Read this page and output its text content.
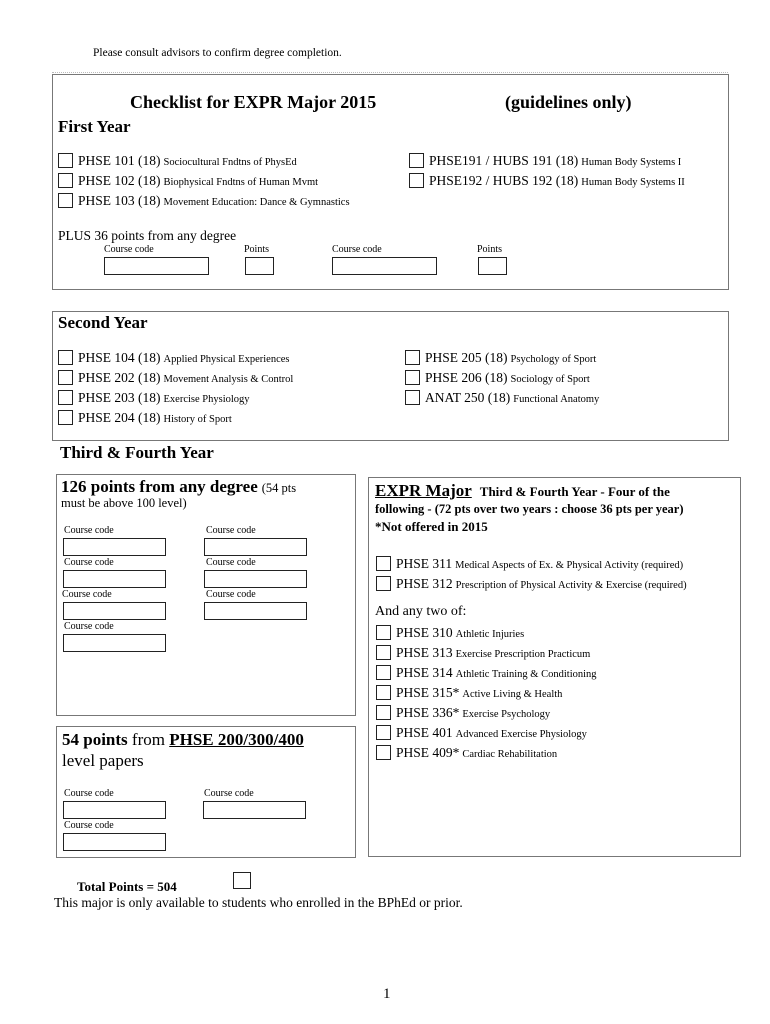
Please consult advisors to confirm degree completion.
Checklist for EXPR Major 2015	(guidelines only)
First Year
PHSE 101 (18) Sociocultural Fndtns of PhysEd
PHSE 102 (18) Biophysical Fndtns of Human Mvmt
PHSE 103 (18) Movement Education: Dance & Gymnastics
PHSE191 / HUBS 191 (18) Human Body Systems I
PHSE192 / HUBS 192 (18) Human Body Systems II
PLUS 36 points from any degree
Course code	Points	Course code	Points
Second Year
PHSE 104 (18) Applied Physical Experiences
PHSE 202 (18) Movement Analysis & Control
PHSE 203 (18) Exercise Physiology
PHSE 204 (18) History of Sport
PHSE 205 (18) Psychology of Sport
PHSE 206 (18) Sociology of Sport
ANAT 250 (18) Functional Anatomy
Third & Fourth Year
126 points from any degree (54 pts
must be above 100 level)
Course code	Course code
Course code	Course code
Course code	Course code
Course code
54 points from PHSE 200/300/400
level papers
Course code	Course code
Course code
EXPR Major Third & Fourth Year - Four of the
following - (72 pts over two years : choose 36 pts per year)
*Not offered in 2015
PHSE 311 Medical Aspects of Ex. & Physical Activity (required)
PHSE 312 Prescription of Physical Activity & Exercise (required)
And any two of:
PHSE 310 Athletic Injuries
PHSE 313 Exercise Prescription Practicum
PHSE 314 Athletic Training & Conditioning
PHSE 315* Active Living & Health
PHSE 336* Exercise Psychology
PHSE 401 Advanced Exercise Physiology
PHSE 409* Cardiac Rehabilitation
Total Points = 504
This major is only available to students who enrolled in the BPhEd or prior.
1
